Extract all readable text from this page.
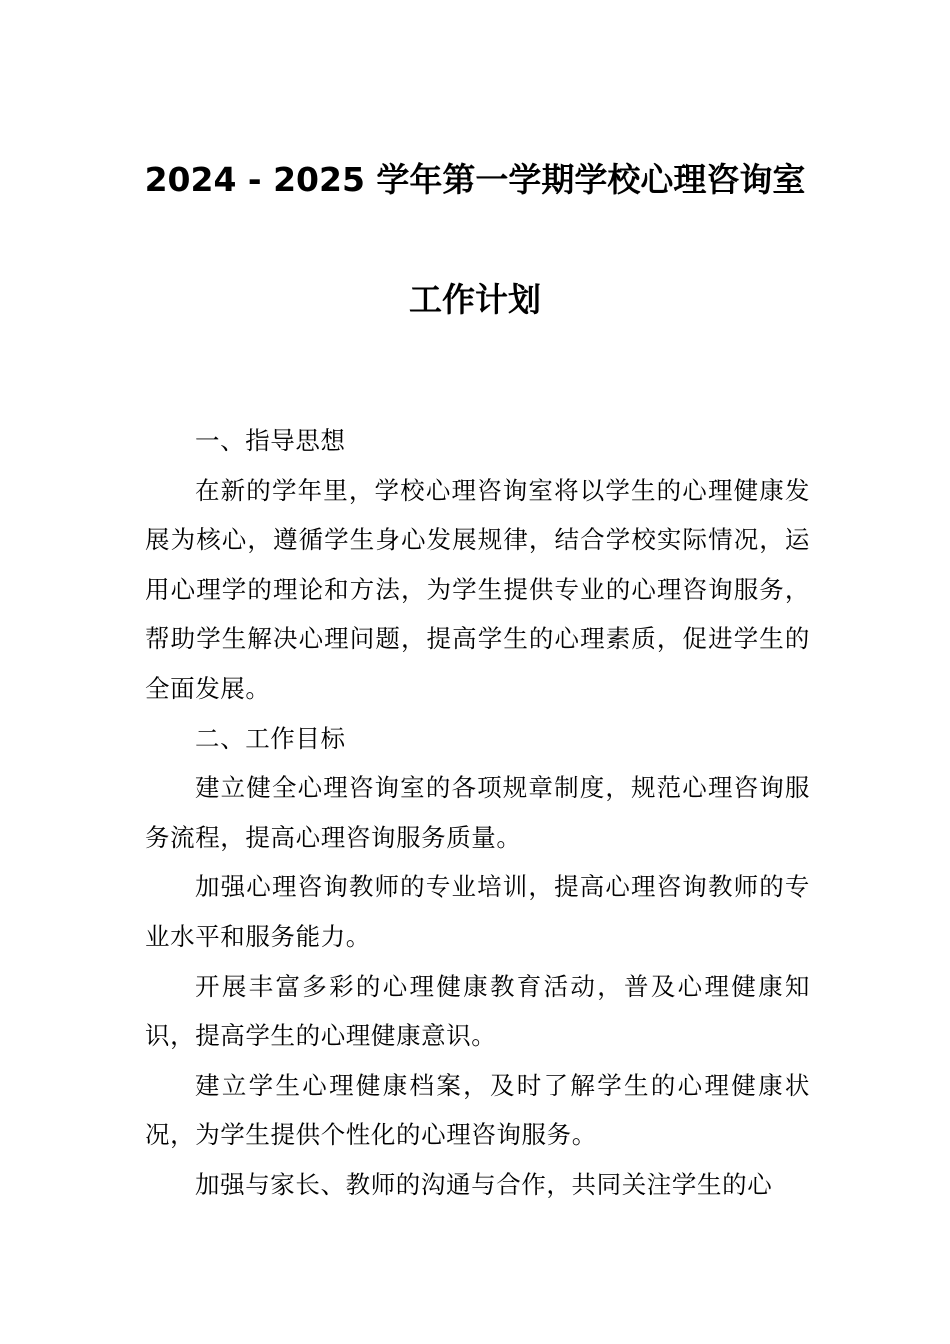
2024 - 2025 学年第一学期学校心理咨询室
工作计划

一、指导思想

在新的学年里，学校心理咨询室将以学生的心理健康发展为核心，遵循学生身心发展规律，结合学校实际情况，运用心理学的理论和方法，为学生提供专业的心理咨询服务，帮助学生解决心理问题，提高学生的心理素质，促进学生的全面发展。

二、工作目标

建立健全心理咨询室的各项规章制度，规范心理咨询服务流程，提高心理咨询服务质量。

加强心理咨询教师的专业培训，提高心理咨询教师的专业水平和服务能力。

开展丰富多彩的心理健康教育活动，普及心理健康知识，提高学生的心理健康意识。

建立学生心理健康档案，及时了解学生的心理健康状况，为学生提供个性化的心理咨询服务。

加强与家长、教师的沟通与合作，共同关注学生的心
